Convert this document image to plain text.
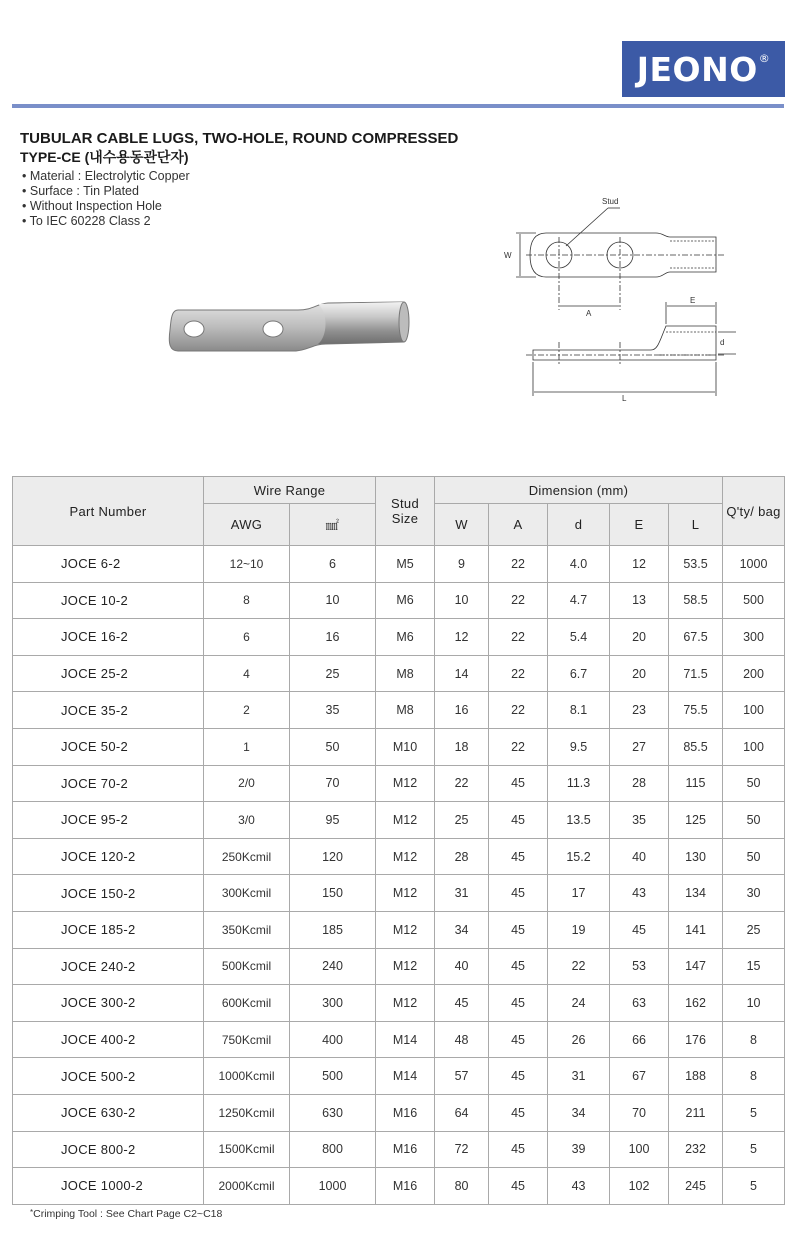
JEONO ®
TUBULAR CABLE LUGS, TWO-HOLE, ROUND COMPRESSED
TYPE-CE (내수용동관단자)
• Material : Electrolytic Copper
• Surface : Tin Plated
• Without Inspection Hole
• To IEC 60228 Class 2
Stud
W
A
E
d
L
Part Number	Wire Range		Stud Size	Dimension (mm)					Q'ty/ bag
	AWG	㎟		W	A	d	E	L	
JOCE 6-2	12~10	6	M5	9	22	4.0	12	53.5	1000
JOCE 10-2	8	10	M6	10	22	4.7	13	58.5	500
JOCE 16-2	6	16	M6	12	22	5.4	20	67.5	300
JOCE 25-2	4	25	M8	14	22	6.7	20	71.5	200
JOCE 35-2	2	35	M8	16	22	8.1	23	75.5	100
JOCE 50-2	1	50	M10	18	22	9.5	27	85.5	100
JOCE 70-2	2/0	70	M12	22	45	11.3	28	115	50
JOCE 95-2	3/0	95	M12	25	45	13.5	35	125	50
JOCE 120-2	250Kcmil	120	M12	28	45	15.2	40	130	50
JOCE 150-2	300Kcmil	150	M12	31	45	17	43	134	30
JOCE 185-2	350Kcmil	185	M12	34	45	19	45	141	25
JOCE 240-2	500Kcmil	240	M12	40	45	22	53	147	15
JOCE 300-2	600Kcmil	300	M12	45	45	24	63	162	10
JOCE 400-2	750Kcmil	400	M14	48	45	26	66	176	8
JOCE 500-2	1000Kcmil	500	M14	57	45	31	67	188	8
JOCE 630-2	1250Kcmil	630	M16	64	45	34	70	211	5
JOCE 800-2	1500Kcmil	800	M16	72	45	39	100	232	5
JOCE 1000-2	2000Kcmil	1000	M16	80	45	43	102	245	5
*Crimping Tool : See Chart Page C2~C18
